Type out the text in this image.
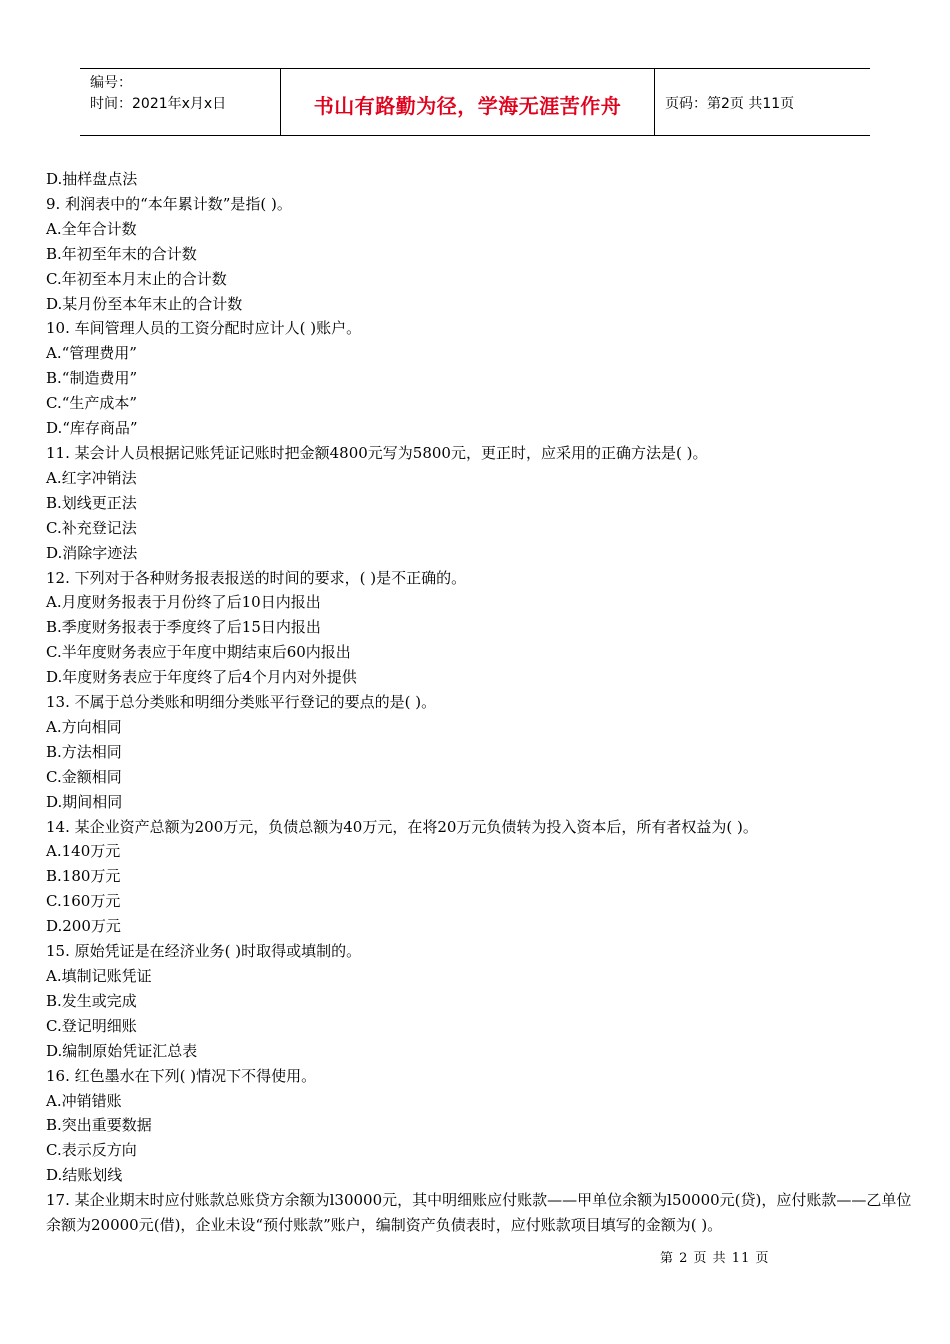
编号：
时间：2021年x月x日	书山有路勤为径，学海无涯苦作舟	页码：第2页 共11页
D.抽样盘点法
9. 利润表中的“本年累计数”是指( )。
A.全年合计数
B.年初至年末的合计数
C.年初至本月末止的合计数
D.某月份至本年末止的合计数
10. 车间管理人员的工资分配时应计人( )账户。
A.“管理费用”
B.“制造费用”
C.“生产成本”
D.“库存商品”
11. 某会计人员根据记账凭证记账时把金额4800元写为5800元，更正时，应采用的正确方法是( )。
A.红字冲销法
B.划线更正法
C.补充登记法
D.消除字迹法
12. 下列对于各种财务报表报送的时间的要求，( )是不正确的。
A.月度财务报表于月份终了后10日内报出
B.季度财务报表于季度终了后15日内报出
C.半年度财务表应于年度中期结束后60内报出
D.年度财务表应于年度终了后4个月内对外提供
13. 不属于总分类账和明细分类账平行登记的要点的是( )。
A.方向相同
B.方法相同
C.金额相同
D.期间相同
14. 某企业资产总额为200万元，负债总额为40万元，在将20万元负债转为投入资本后，所有者权益为( )。
A.140万元
B.180万元
C.160万元
D.200万元
15. 原始凭证是在经济业务( )时取得或填制的。
A.填制记账凭证
B.发生或完成
C.登记明细账
D.编制原始凭证汇总表
16. 红色墨水在下列( )情况下不得使用。
A.冲销错账
B.突出重要数据
C.表示反方向
D.结账划线
17. 某企业期末时应付账款总账贷方余额为l30000元，其中明细账应付账款——甲单位余额为l50000元(贷)，应付账款——乙单位余额为20000元(借)，企业未设“预付账款”账户，编制资产负债表时，应付账款项目填写的金额为( )。
第 2 页 共 11 页
